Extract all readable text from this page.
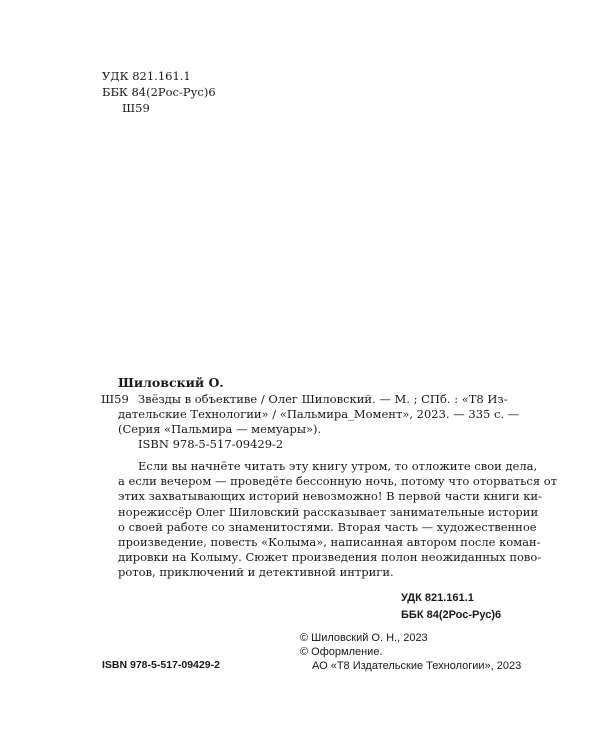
УДК 821.161.1
ББК 84(2Рос-Рус)6
Ш59
Шиловский О.
Ш59 Звёзды в объективе / Олег Шиловский. — М. ; СПб. : «Т8 Из-
дательские Технологии» / «Пальмира_Момент», 2023. — 335 с. —
(Серия «Пальмира — мемуары»).
ISBN 978-5-517-09429-2
Если вы начнёте читать эту книгу утром, то отложите свои дела,
а если вечером — проведёте бессонную ночь, потому что оторваться от
этих захватывающих историй невозможно! В первой части книги ки-
норежиссёр Олег Шиловский рассказывает занимательные истории
о своей работе со знаменитостями. Вторая часть — художественное
произведение, повесть «Колыма», написанная автором после коман-
дировки на Колыму. Сюжет произведения полон неожиданных пово-
ротов, приключений и детективной интриги.
УДК 821.161.1
ББК 84(2Рос-Рус)6
© Шиловский О. Н., 2023
© Оформление.
АО «Т8 Издательские Технологии», 2023
ISBN 978-5-517-09429-2
